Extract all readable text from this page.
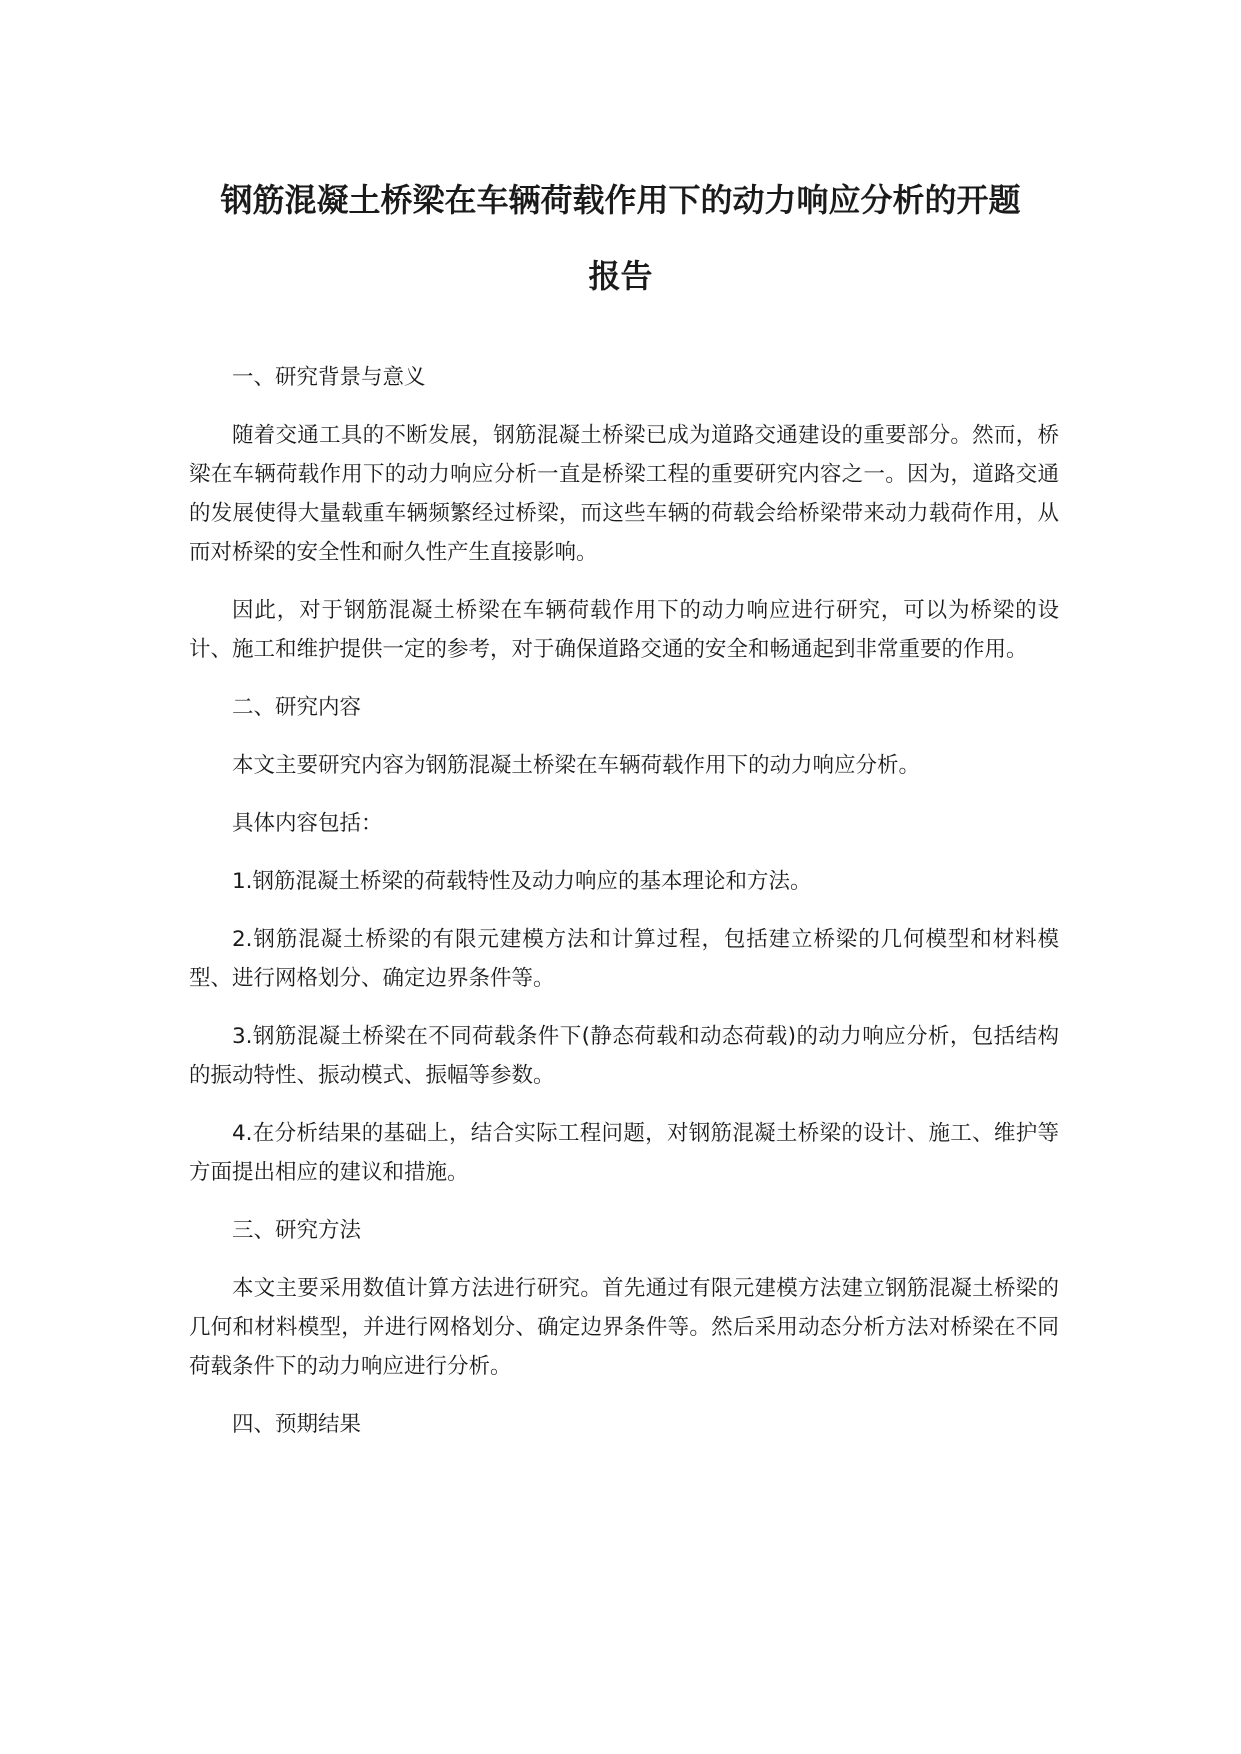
钢筋混凝土桥梁在车辆荷载作用下的动力响应分析的开题
报告

一、研究背景与意义

随着交通工具的不断发展，钢筋混凝土桥梁已成为道路交通建设的重要部分。然而，桥梁在车辆荷载作用下的动力响应分析一直是桥梁工程的重要研究内容之一。因为，道路交通的发展使得大量载重车辆频繁经过桥梁，而这些车辆的荷载会给桥梁带来动力载荷作用，从而对桥梁的安全性和耐久性产生直接影响。

因此，对于钢筋混凝土桥梁在车辆荷载作用下的动力响应进行研究，可以为桥梁的设计、施工和维护提供一定的参考，对于确保道路交通的安全和畅通起到非常重要的作用。

二、研究内容

本文主要研究内容为钢筋混凝土桥梁在车辆荷载作用下的动力响应分析。

具体内容包括：

1.钢筋混凝土桥梁的荷载特性及动力响应的基本理论和方法。

2.钢筋混凝土桥梁的有限元建模方法和计算过程，包括建立桥梁的几何模型和材料模型、进行网格划分、确定边界条件等。

3.钢筋混凝土桥梁在不同荷载条件下(静态荷载和动态荷载)的动力响应分析，包括结构的振动特性、振动模式、振幅等参数。

4.在分析结果的基础上，结合实际工程问题，对钢筋混凝土桥梁的设计、施工、维护等方面提出相应的建议和措施。

三、研究方法

本文主要采用数值计算方法进行研究。首先通过有限元建模方法建立钢筋混凝土桥梁的几何和材料模型，并进行网格划分、确定边界条件等。然后采用动态分析方法对桥梁在不同荷载条件下的动力响应进行分析。

四、预期结果
